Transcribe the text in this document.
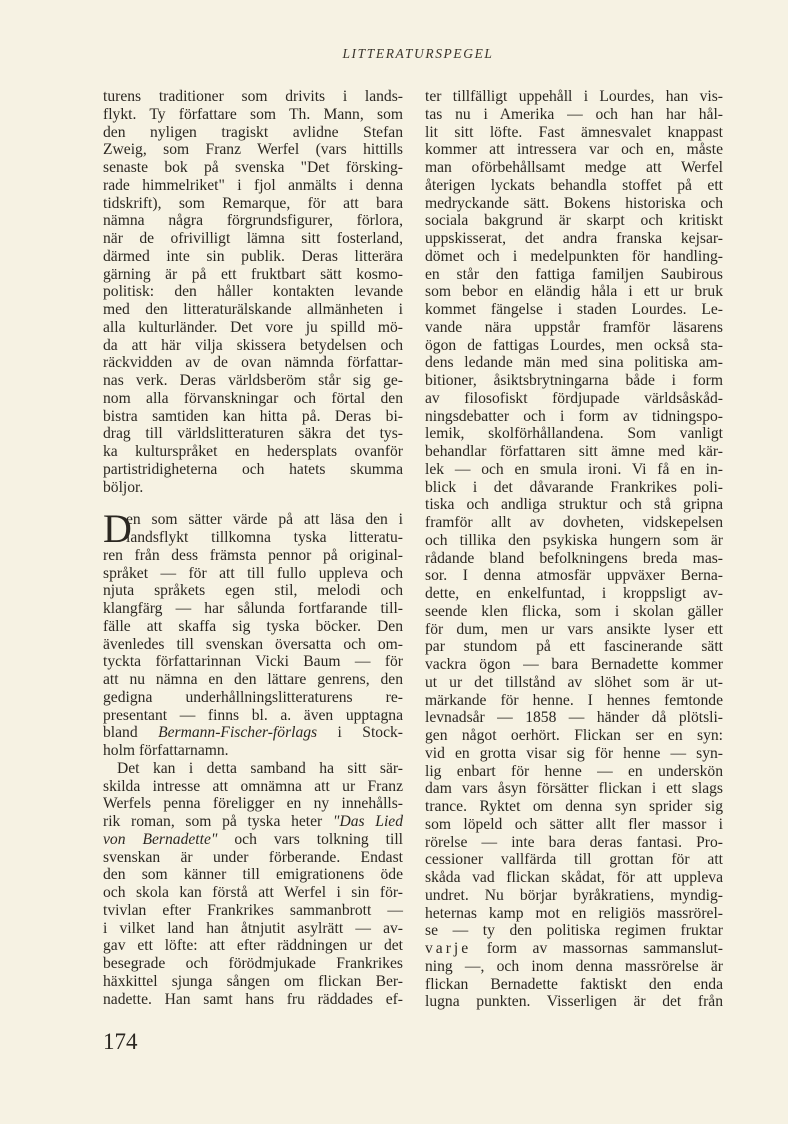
LITTERATURSPEGEL
turens traditioner som drivits i lands-
flykt. Ty författare som Th. Mann, som
den nyligen tragiskt avlidne Stefan
Zweig, som Franz Werfel (vars hittills
senaste bok på svenska "Det försking-
rade himmelriket" i fjol anmälts i denna
tidskrift), som Remarque, för att bara
nämna några förgrundsfigurer, förlora,
när de ofrivilligt lämna sitt fosterland,
därmed inte sin publik. Deras litterära
gärning är på ett fruktbart sätt kosmo-
politisk: den håller kontakten levande
med den litteraturälskande allmänheten i
alla kulturländer. Det vore ju spilld mö-
da att här vilja skissera betydelsen och
räckvidden av de ovan nämnda författar-
nas verk. Deras världsberöm står sig ge-
nom alla förvanskningar och förtal den
bistra samtiden kan hitta på. Deras bi-
drag till världslitteraturen säkra det tys-
ka kulturspråket en hedersplats ovanför
partistridigheterna och hatets skumma
böljor.
D
en som sätter värde på att läsa den i
landsflykt tillkomna tyska litteratu-
ren från dess främsta pennor på original-
språket — för att till fullo uppleva och
njuta språkets egen stil, melodi och
klangfärg — har sålunda fortfarande till-
fälle att skaffa sig tyska böcker. Den
ävenledes till svenskan översatta och om-
tyckta författarinnan Vicki Baum — för
att nu nämna en den lättare genrens, den
gedigna underhållningslitteraturens re-
presentant — finns bl. a. även upptagna
bland Bermann-Fischer-förlags i Stock-
holm författarnamn.
Det kan i detta samband ha sitt sär-
skilda intresse att omnämna att ur Franz
Werfels penna föreligger en ny innehålls-
rik roman, som på tyska heter "Das Lied
von Bernadette" och vars tolkning till
svenskan är under förberande. Endast
den som känner till emigrationens öde
och skola kan förstå att Werfel i sin för-
tvivlan efter Frankrikes sammanbrott —
i vilket land han åtnjutit asylrätt — av-
gav ett löfte: att efter räddningen ur det
besegrade och förödmjukade Frankrikes
häxkittel sjunga sången om flickan Ber-
nadette. Han samt hans fru räddades ef-
ter tillfälligt uppehåll i Lourdes, han vis-
tas nu i Amerika — och han har hål-
lit sitt löfte. Fast ämnesvalet knappast
kommer att intressera var och en, måste
man oförbehållsamt medge att Werfel
återigen lyckats behandla stoffet på ett
medryckande sätt. Bokens historiska och
sociala bakgrund är skarpt och kritiskt
uppskisserat, det andra franska kejsar-
dömet och i medelpunkten för handling-
en står den fattiga familjen Saubirous
som bebor en eländig håla i ett ur bruk
kommet fängelse i staden Lourdes. Le-
vande nära uppstår framför läsarens
ögon de fattigas Lourdes, men också sta-
dens ledande män med sina politiska am-
bitioner, åsiktsbrytningarna både i form
av filosofiskt fördjupade världsåskåd-
ningsdebatter och i form av tidningspo-
lemik, skolförhållandena. Som vanligt
behandlar författaren sitt ämne med kär-
lek — och en smula ironi. Vi få en in-
blick i det dåvarande Frankrikes poli-
tiska och andliga struktur och stå gripna
framför allt av dovheten, vidskepelsen
och tillika den psykiska hungern som är
rådande bland befolkningens breda mas-
sor. I denna atmosfär uppväxer Berna-
dette, en enkelfuntad, i kroppsligt av-
seende klen flicka, som i skolan gäller
för dum, men ur vars ansikte lyser ett
par stundom på ett fascinerande sätt
vackra ögon — bara Bernadette kommer
ut ur det tillstånd av slöhet som är ut-
märkande för henne. I hennes femtonde
levnadsår — 1858 — händer då plötsli-
gen något oerhört. Flickan ser en syn:
vid en grotta visar sig för henne — syn-
lig enbart för henne — en underskön
dam vars åsyn försätter flickan i ett slags
trance. Ryktet om denna syn sprider sig
som löpeld och sätter allt fler massor i
rörelse — inte bara deras fantasi. Pro-
cessioner vallfärda till grottan för att
skåda vad flickan skådat, för att uppleva
undret. Nu börjar byråkratiens, myndig-
heternas kamp mot en religiös massrörel-
se — ty den politiska regimen fruktar
varje form av massornas sammanslut-
ning —, och inom denna massrörelse är
flickan Bernadette faktiskt den enda
lugna punkten. Visserligen är det från
174
